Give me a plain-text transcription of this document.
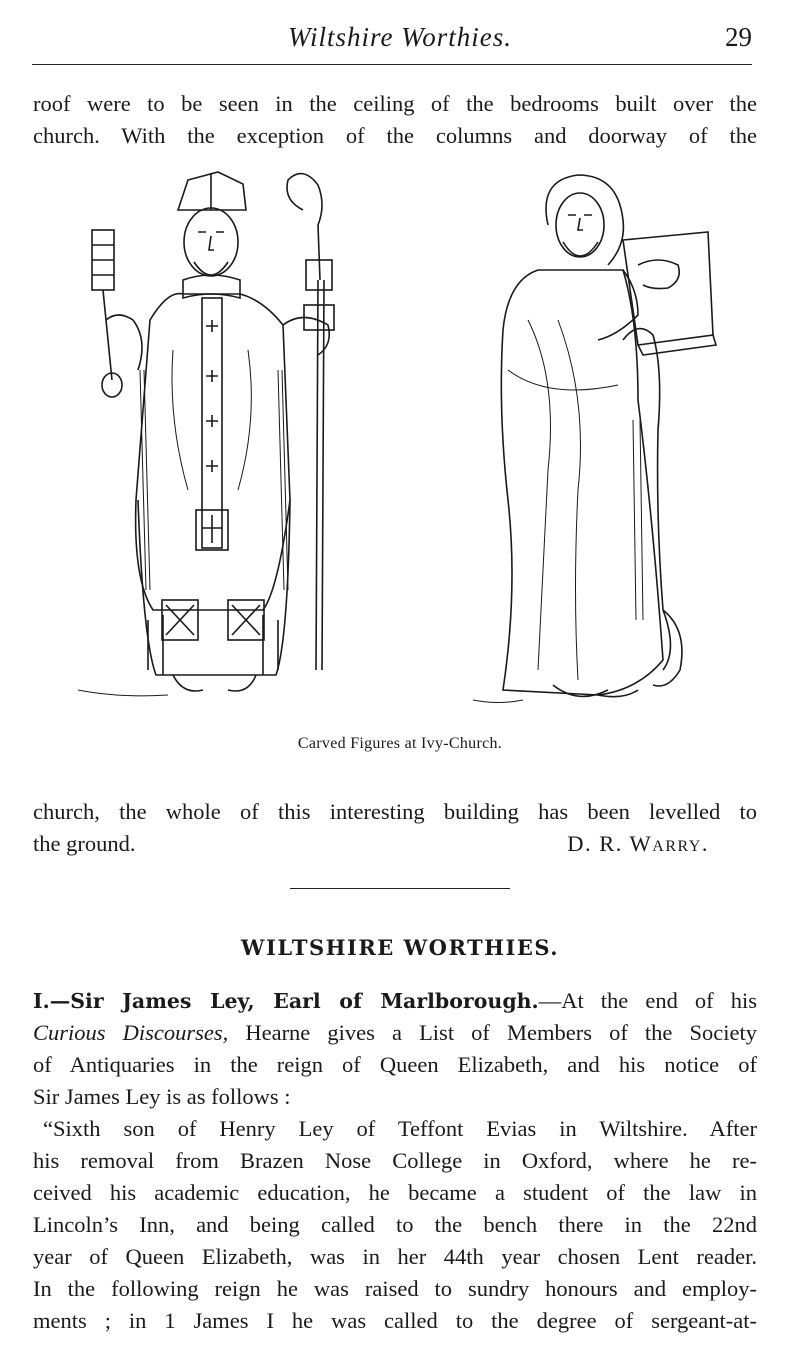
Wiltshire Worthies.	29
roof were to be seen in the ceiling of the bedrooms built over the
church. With the exception of the columns and doorway of the
Carved Figures at Ivy-Church.
church, the whole of this interesting building has been levelled to
the ground.	D. R. Warry.
WILTSHIRE WORTHIES.
I.—Sir James Ley, Earl of Marlborough.—At the end of his
Curious Discourses, Hearne gives a List of Members of the Society
of Antiquaries in the reign of Queen Elizabeth, and his notice of
Sir James Ley is as follows :
“Sixth son of Henry Ley of Teffont Evias in Wiltshire. After
his removal from Brazen Nose College in Oxford, where he re-
ceived his academic education, he became a student of the law in
Lincoln’s Inn, and being called to the bench there in the 22nd
year of Queen Elizabeth, was in her 44th year chosen Lent reader.
In the following reign he was raised to sundry honours and employ-
ments ; in 1 James I he was called to the degree of sergeant-at-
